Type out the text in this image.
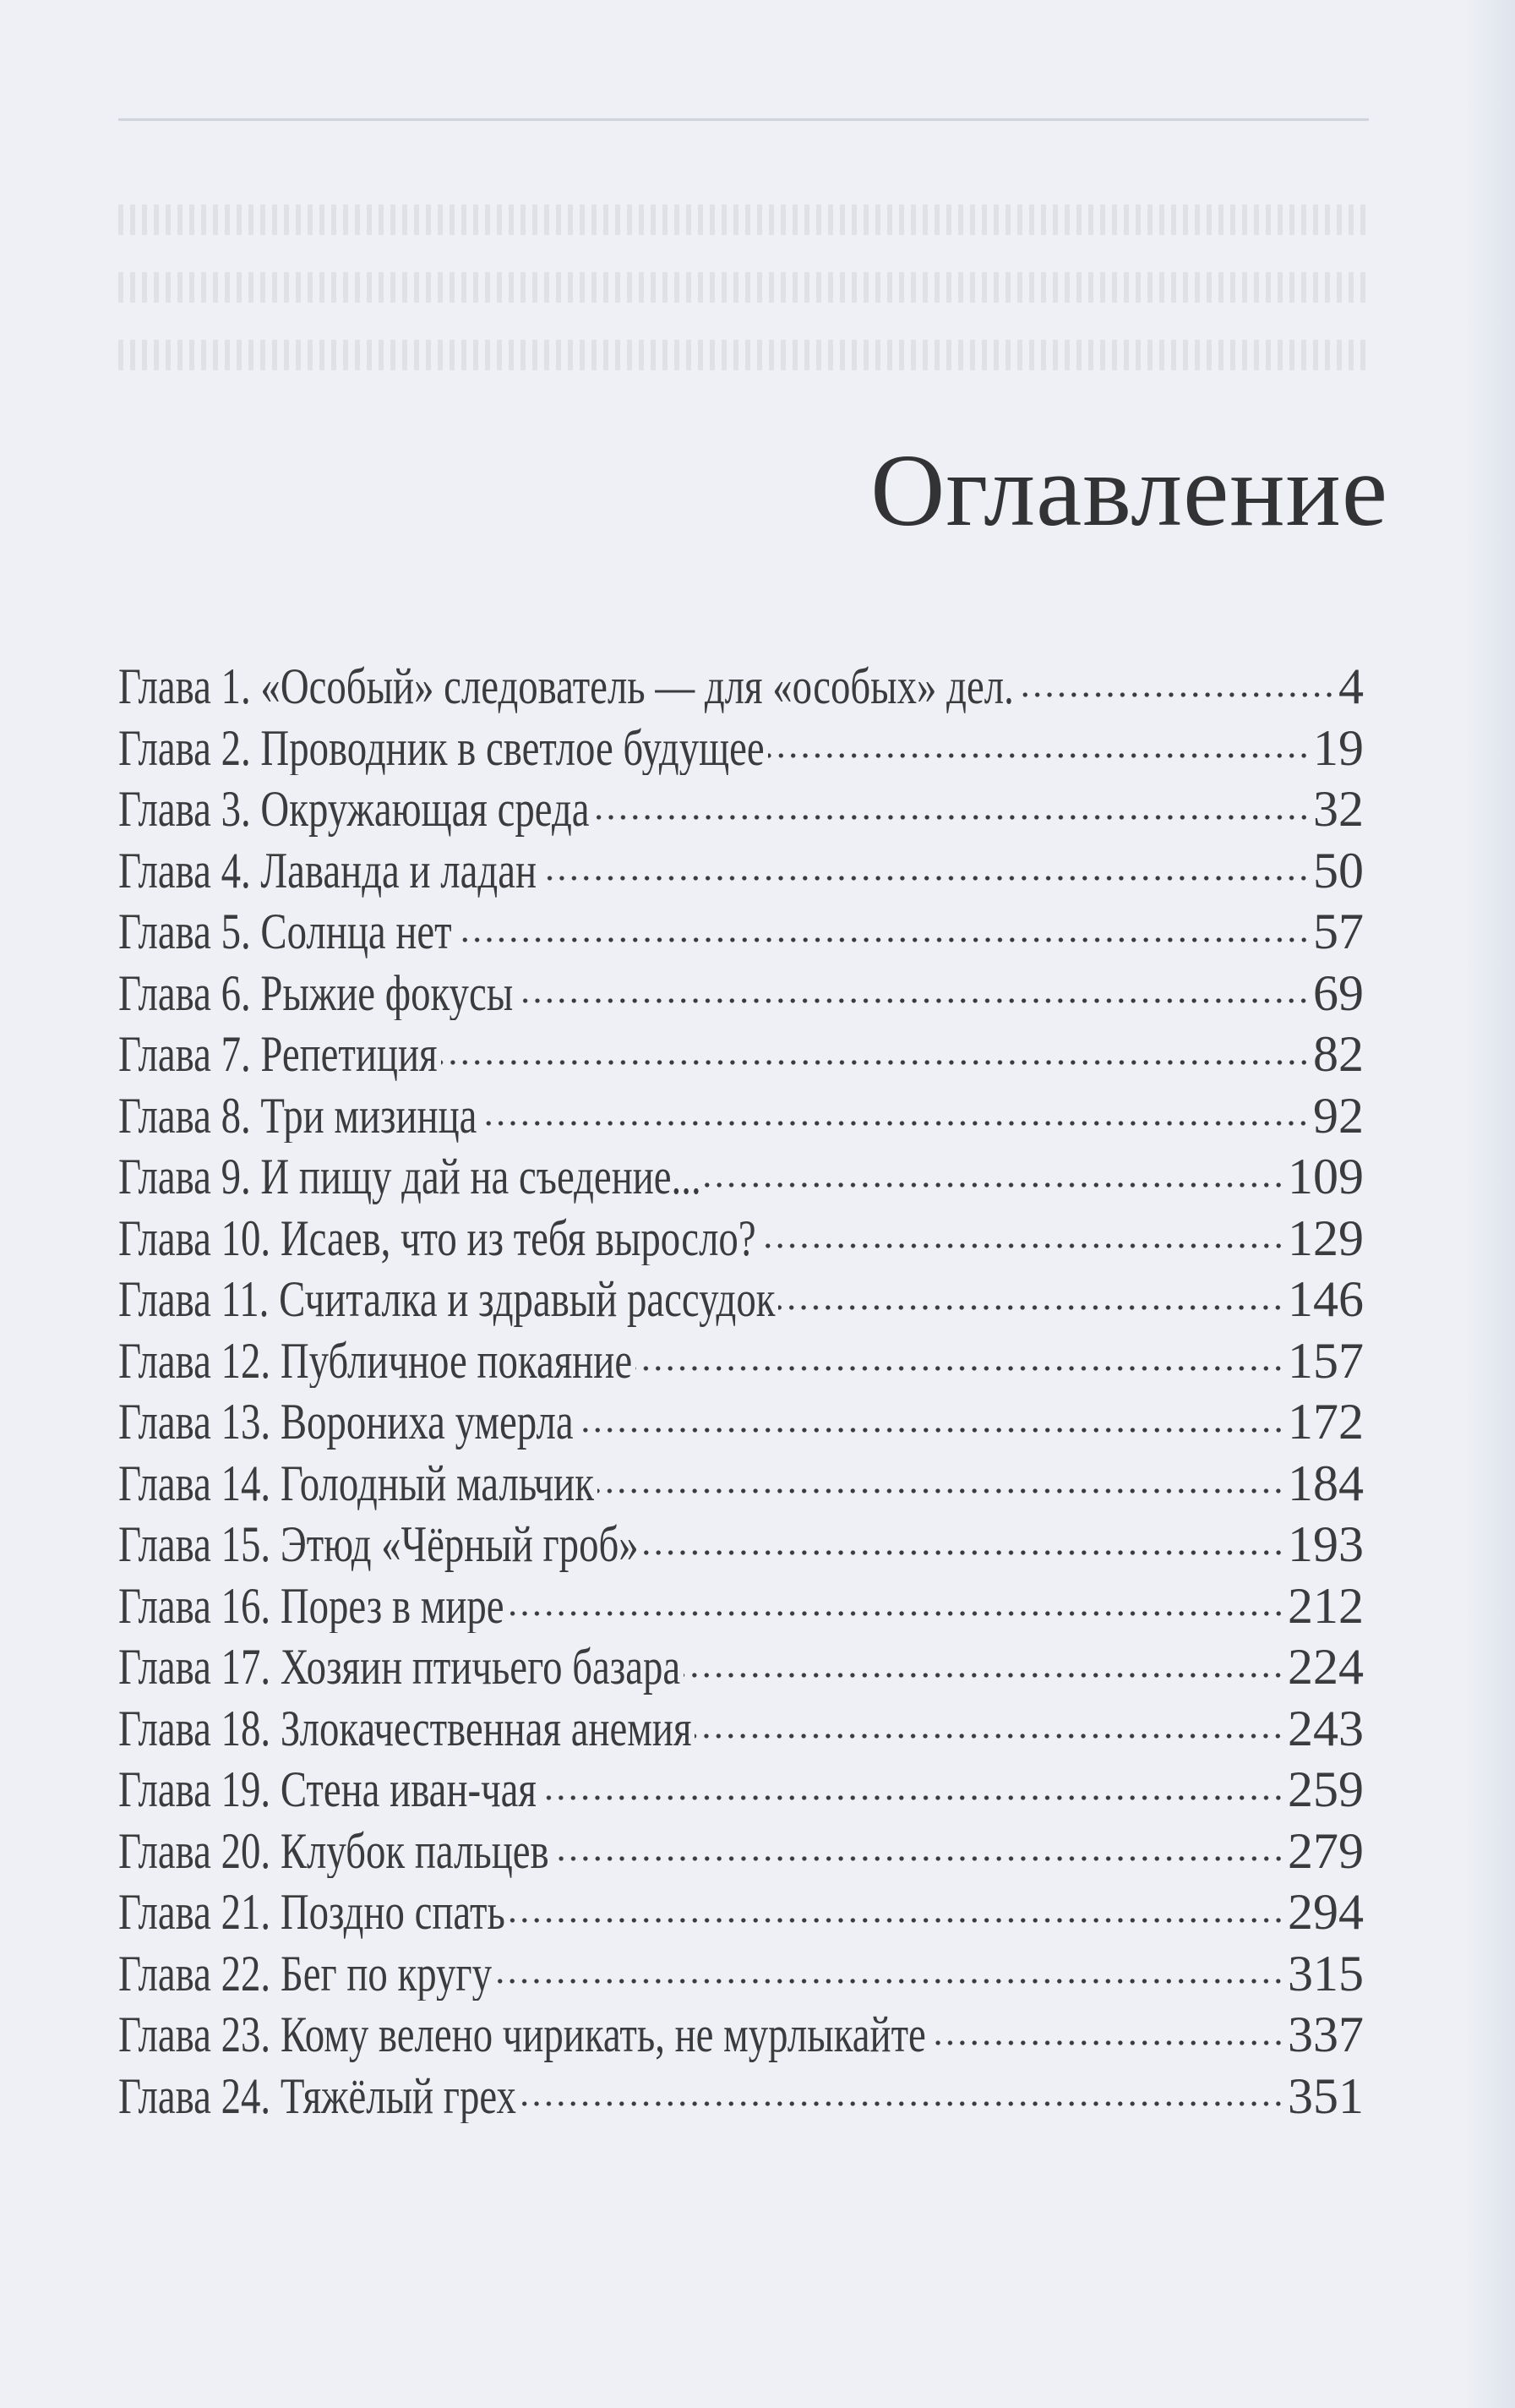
Оглавление
Глава 1. «Особый» следователь — для «особых» дел.	4
Глава 2. Проводник в светлое будущее	19
Глава 3. Окружающая среда	32
Глава 4. Лаванда и ладан	50
Глава 5. Солнца нет	57
Глава 6. Рыжие фокусы	69
Глава 7. Репетиция	82
Глава 8. Три мизинца	92
Глава 9. И пищу дай на съедение...	109
Глава 10. Исаев, что из тебя выросло?	129
Глава 11. Считалка и здравый рассудок	146
Глава 12. Публичное покаяние	157
Глава 13. Ворониха умерла	172
Глава 14. Голодный мальчик	184
Глава 15. Этюд «Чёрный гроб»	193
Глава 16. Порез в мире	212
Глава 17. Хозяин птичьего базара	224
Глава 18. Злокачественная анемия	243
Глава 19. Стена иван-чая	259
Глава 20. Клубок пальцев	279
Глава 21. Поздно спать	294
Глава 22. Бег по кругу	315
Глава 23. Кому велено чирикать, не мурлыкайте	337
Глава 24. Тяжёлый грех	351
